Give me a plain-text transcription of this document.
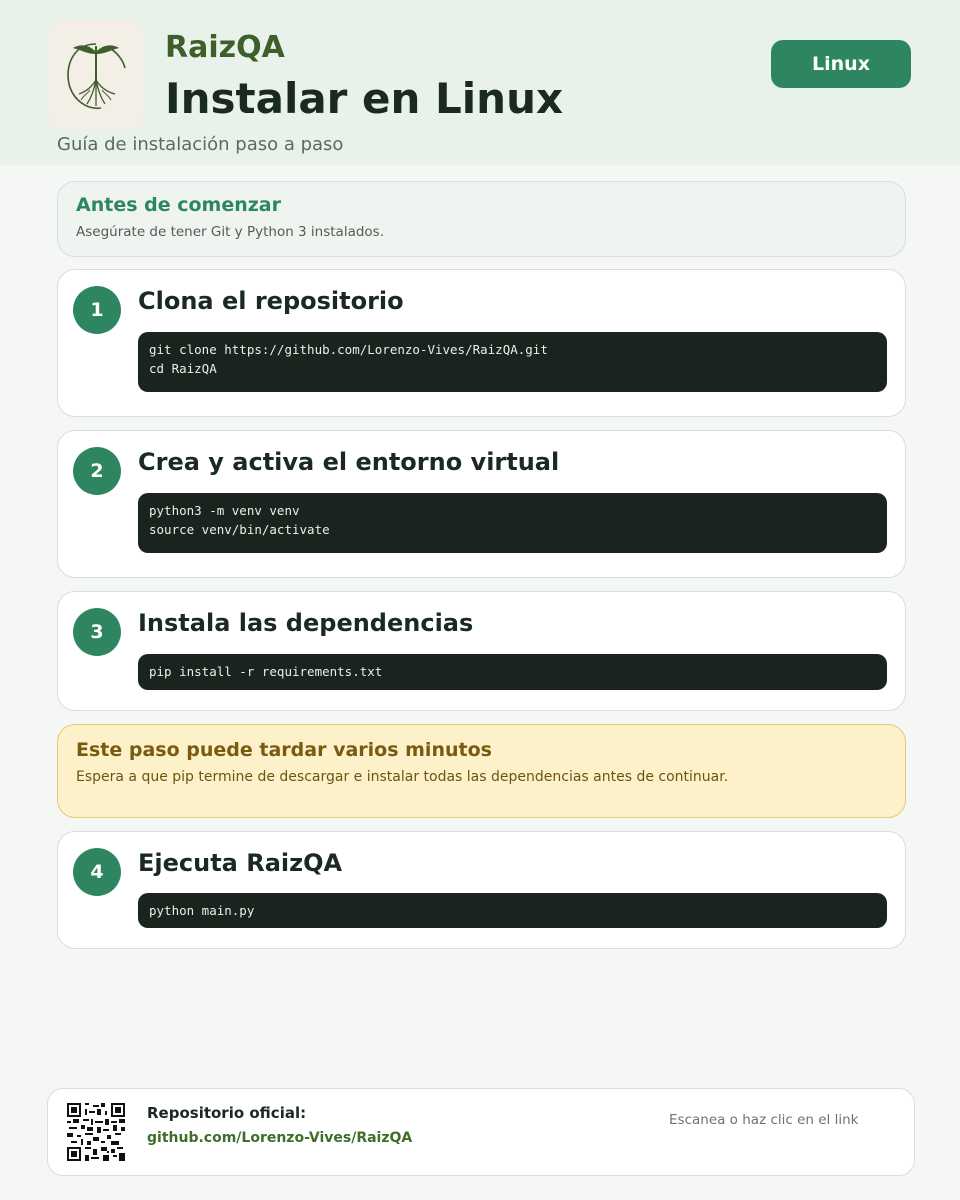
RaizQA
Instalar en Linux
Guía de instalación paso a paso
Linux
Antes de comenzar
Asegúrate de tener Git y Python 3 instalados.
1	Clona el repositorio
git clone https://github.com/Lorenzo-Vives/RaizQA.git
cd RaizQA
2	Crea y activa el entorno virtual
python3 -m venv venv
source venv/bin/activate
3	Instala las dependencias
pip install -r requirements.txt
Este paso puede tardar varios minutos
Espera a que pip termine de descargar e instalar todas las dependencias antes de continuar.
4	Ejecuta RaizQA
python main.py
Repositorio oficial:
github.com/Lorenzo-Vives/RaizQA
Escanea o haz clic en el link
